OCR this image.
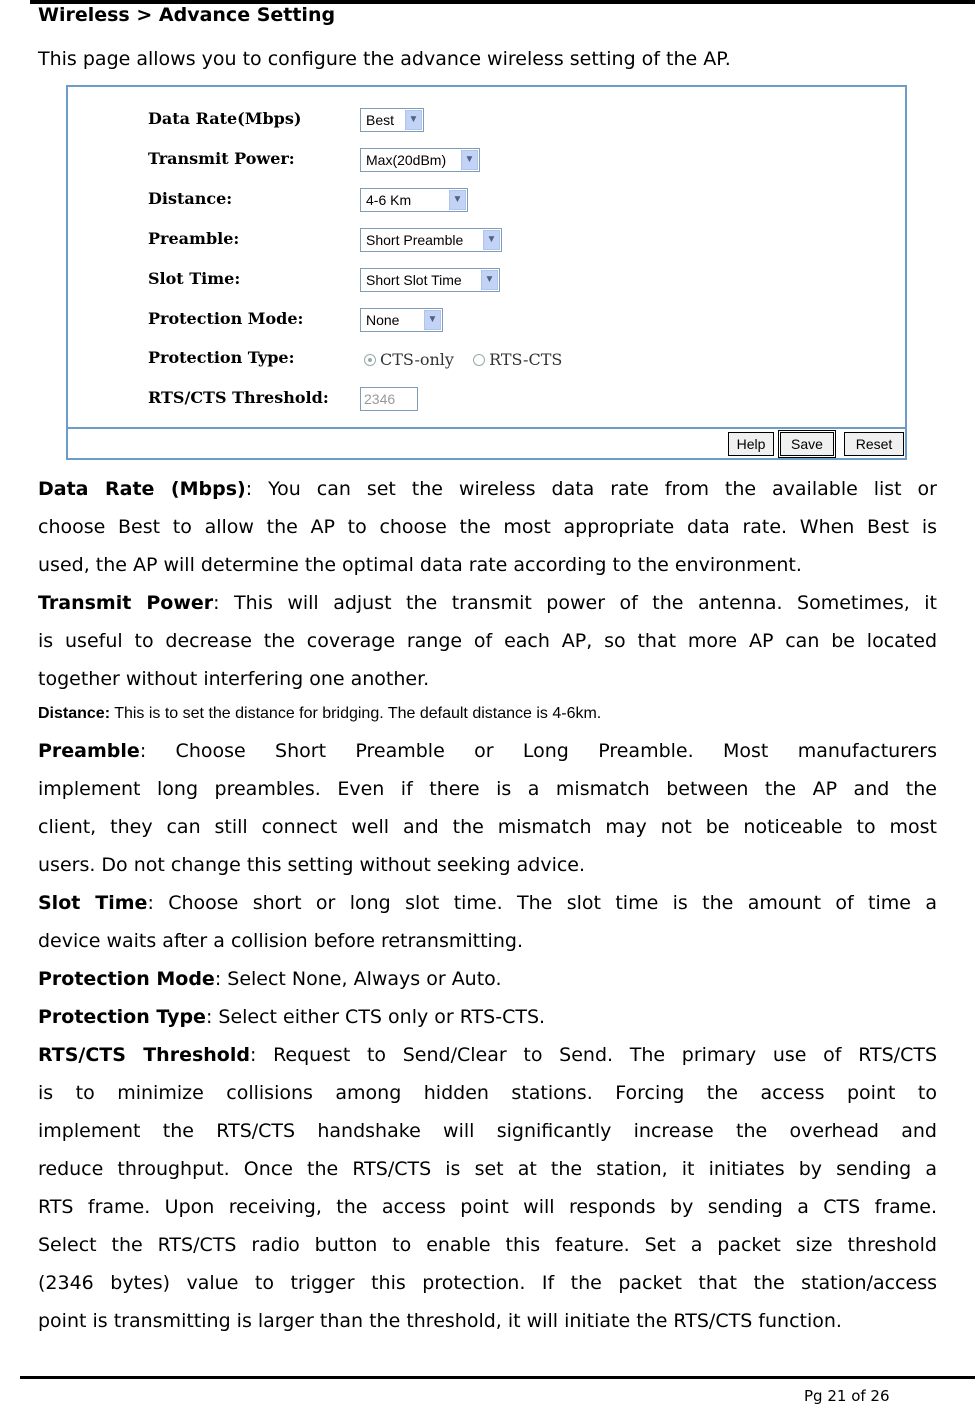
Wireless > Advance Setting
This page allows you to configure the advance wireless setting of the AP.
Data Rate(Mbps)	Best	▼
Transmit Power:	Max(20dBm)	▼
Distance:	4-6 Km	▼
Preamble:	Short Preamble	▼
Slot Time:	Short Slot Time	▼
Protection Mode:	None	▼
Protection Type:	CTS-only RTS-CTS
RTS/CTS Threshold:	2346
Help	Save	Reset
Data Rate (Mbps): You can set the wireless data rate from the available list or
choose Best to allow the AP to choose the most appropriate data rate. When Best is
used, the AP will determine the optimal data rate according to the environment.
Transmit Power: This will adjust the transmit power of the antenna. Sometimes, it
is useful to decrease the coverage range of each AP, so that more AP can be located
together without interfering one another.
Distance: This is to set the distance for bridging. The default distance is 4-6km.
Preamble: Choose Short Preamble or Long Preamble. Most manufacturers
implement long preambles. Even if there is a mismatch between the AP and the
client, they can still connect well and the mismatch may not be noticeable to most
users. Do not change this setting without seeking advice.
Slot Time: Choose short or long slot time. The slot time is the amount of time a
device waits after a collision before retransmitting.
Protection Mode: Select None, Always or Auto.
Protection Type: Select either CTS only or RTS-CTS.
RTS/CTS Threshold: Request to Send/Clear to Send. The primary use of RTS/CTS
is to minimize collisions among hidden stations. Forcing the access point to
implement the RTS/CTS handshake will significantly increase the overhead and
reduce throughput. Once the RTS/CTS is set at the station, it initiates by sending a
RTS frame. Upon receiving, the access point will responds by sending a CTS frame.
Select the RTS/CTS radio button to enable this feature. Set a packet size threshold
(2346 bytes) value to trigger this protection. If the packet that the station/access
point is transmitting is larger than the threshold, it will initiate the RTS/CTS function.
Pg 21 of 26
